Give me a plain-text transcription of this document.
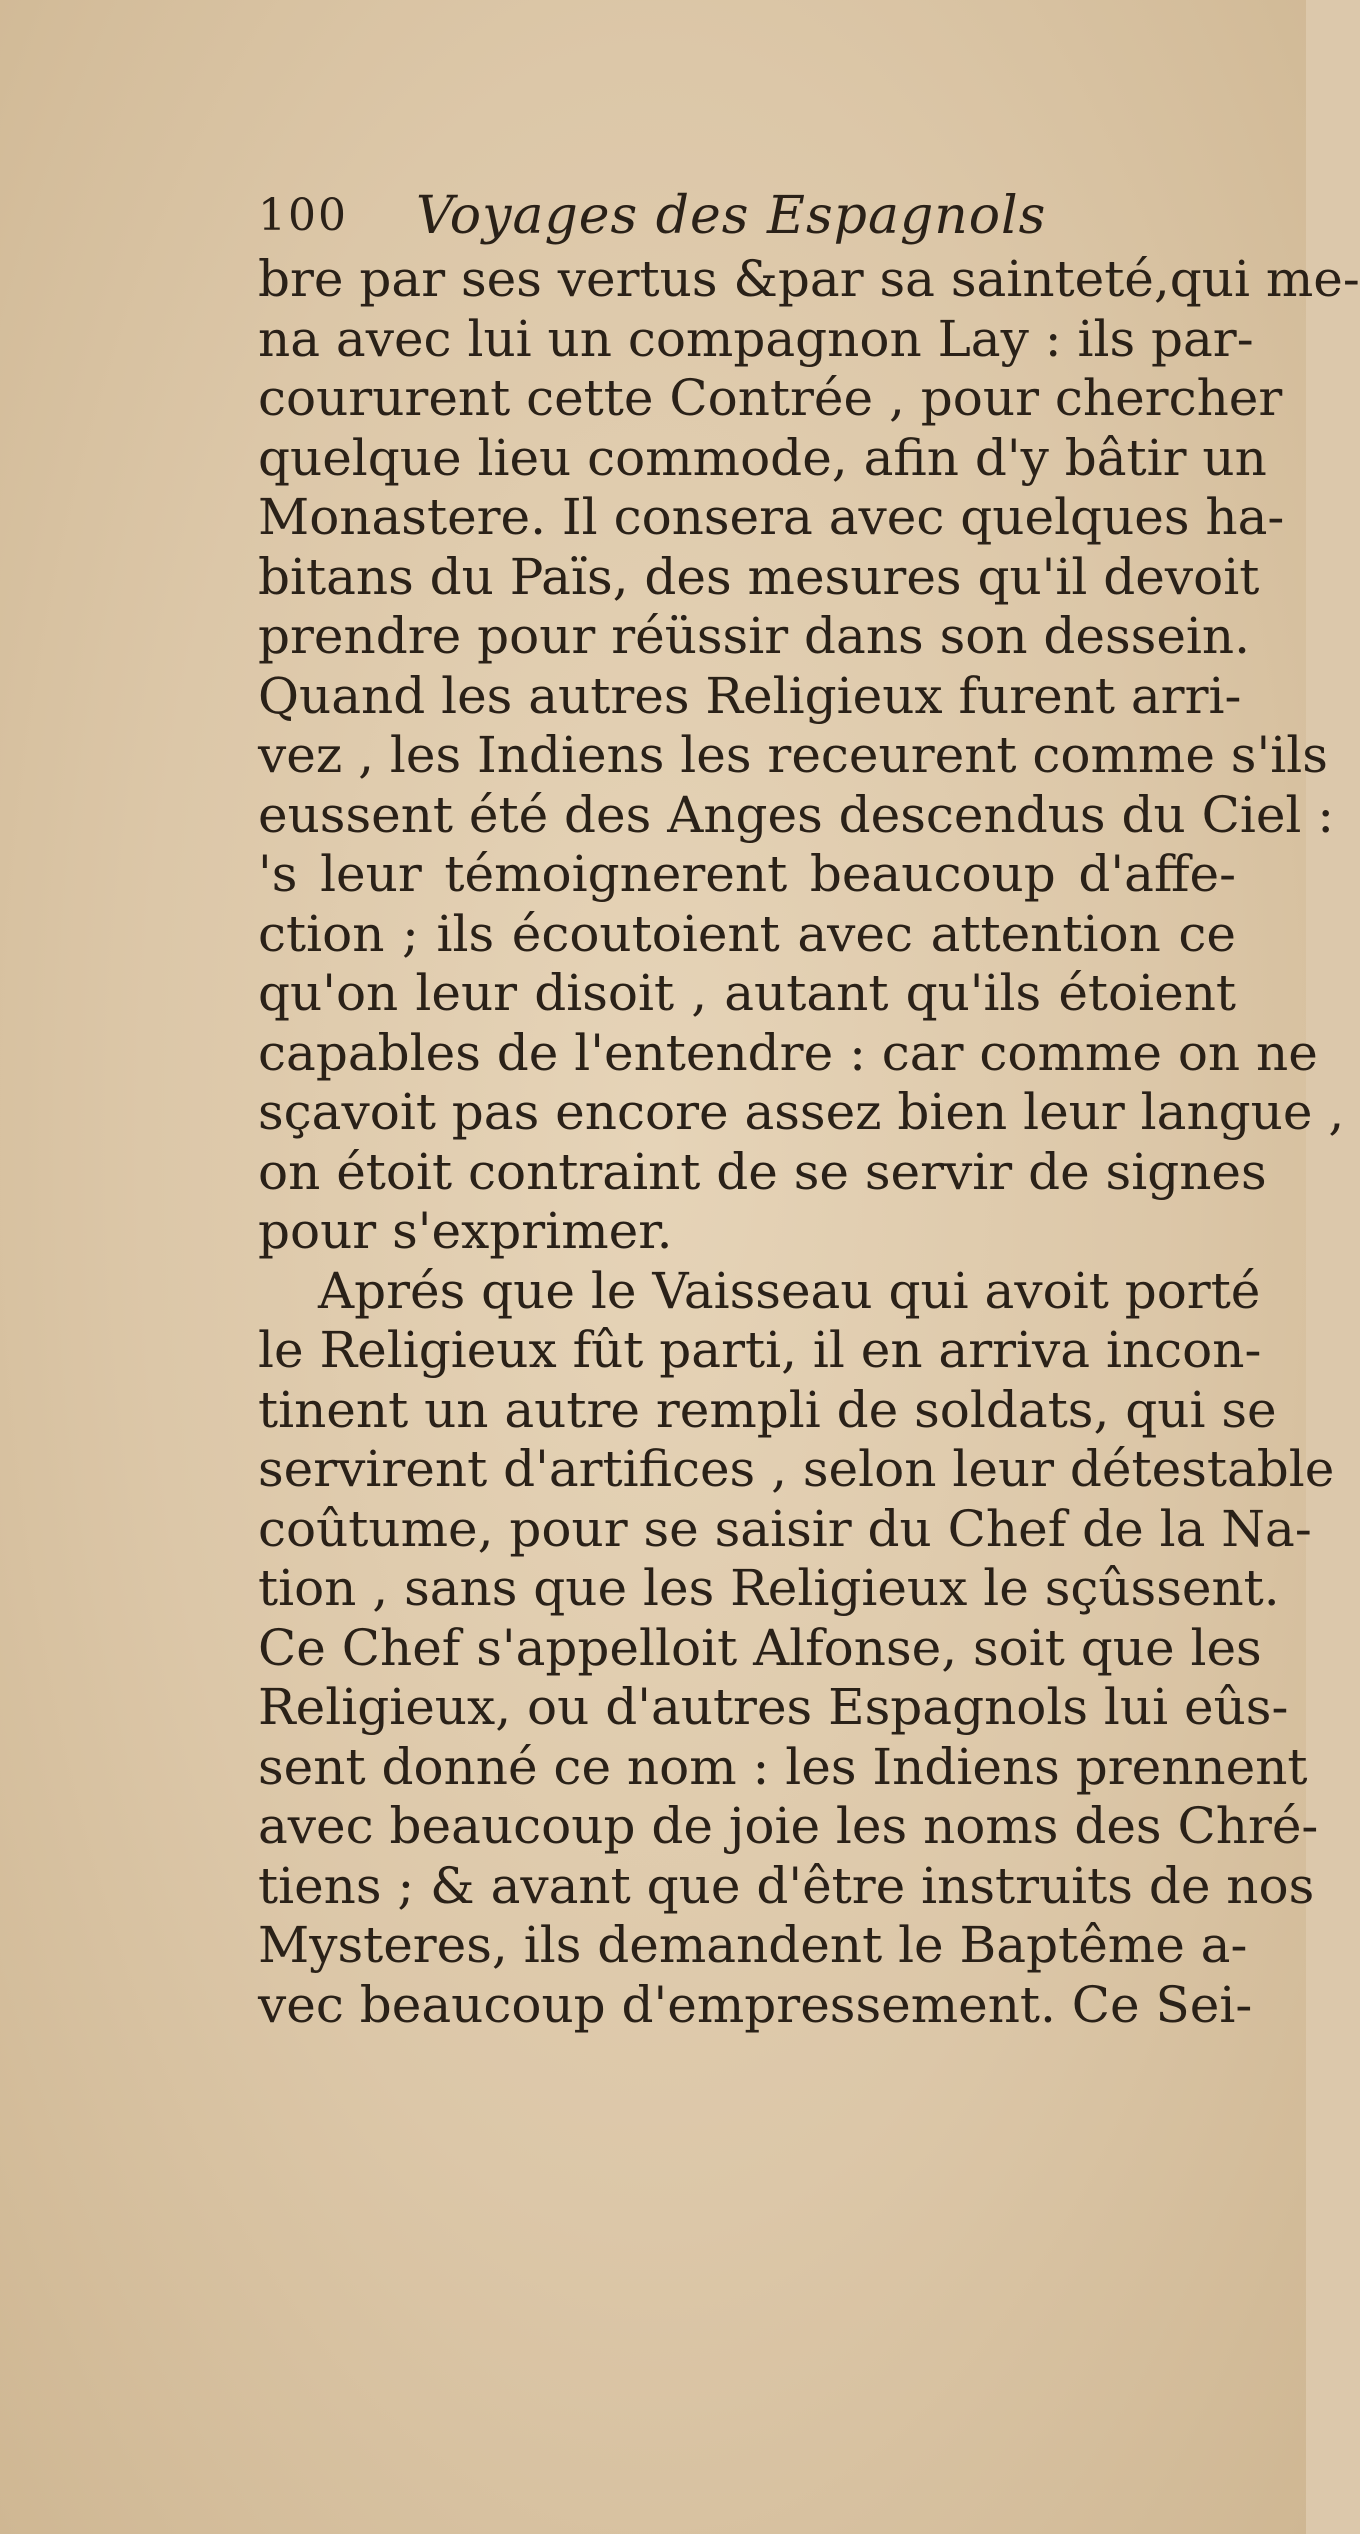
100 Voyages des Espagnols
bre par ses vertus &par sa sainteté,qui me-
na avec lui un compagnon Lay : ils par-
coururent cette Contrée , pour chercher
quelque lieu commode, afin d'y bâtir un
Monastere. Il consera avec quelques ha-
bitans du Païs, des mesures qu'il devoit
prendre pour réüssir dans son dessein.
Quand les autres Religieux furent arri-
vez , les Indiens les receurent comme s'ils
eussent été des Anges descendus du Ciel :
's leur témoignerent beaucoup d'affe-
ction ; ils écoutoient avec attention ce
qu'on leur disoit , autant qu'ils étoient
capables de l'entendre : car comme on ne
sçavoit pas encore assez bien leur langue ,
on étoit contraint de se servir de signes
pour s'exprimer.
Aprés que le Vaisseau qui avoit porté
le Religieux fût parti, il en arriva incon-
tinent un autre rempli de soldats, qui se
servirent d'artifices , selon leur détestable
coûtume, pour se saisir du Chef de la Na-
tion , sans que les Religieux le sçûssent.
Ce Chef s'appelloit Alfonse, soit que les
Religieux, ou d'autres Espagnols lui eûs-
sent donné ce nom : les Indiens prennent
avec beaucoup de joie les noms des Chré-
tiens ; & avant que d'être instruits de nos
Mysteres, ils demandent le Baptême a-
vec beaucoup d'empressement. Ce Sei-
